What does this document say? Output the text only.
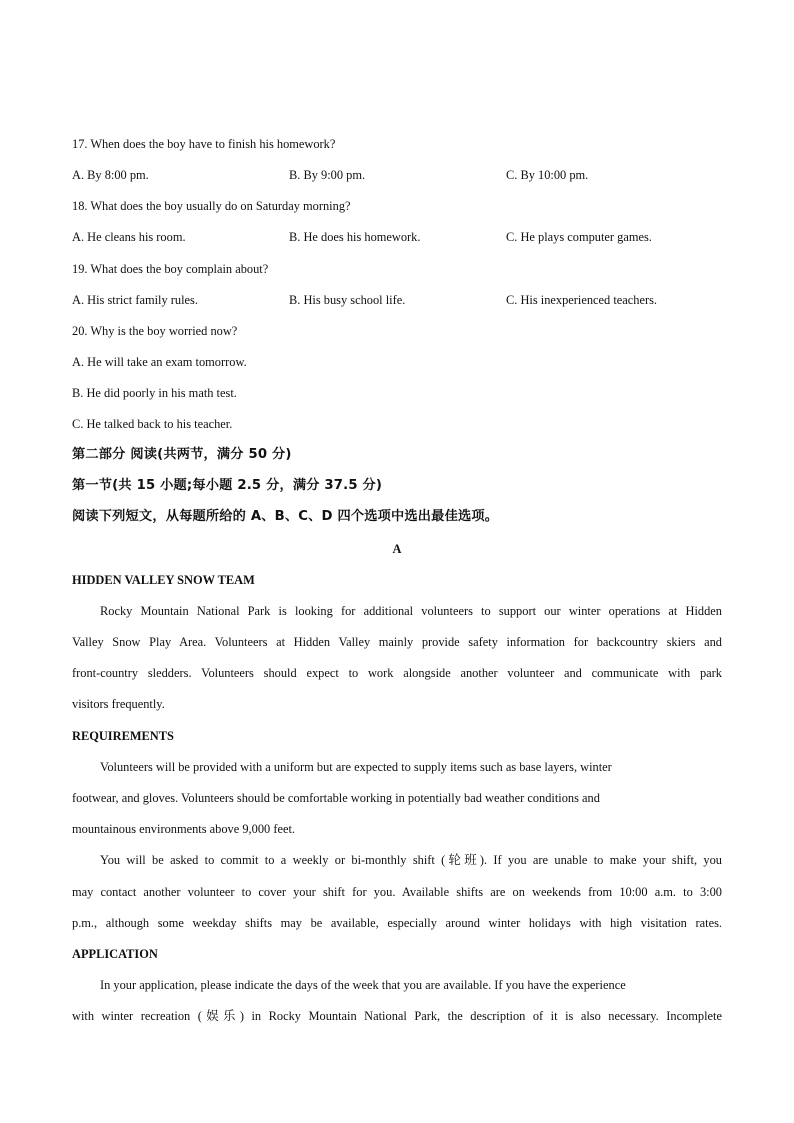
17. When does the boy have to finish his homework?
A. By 8:00 pm.	B. By 9:00 pm.	C. By 10:00 pm.
18. What does the boy usually do on Saturday morning?
A. He cleans his room.	B. He does his homework.	C. He plays computer games.
19. What does the boy complain about?
A. His strict family rules.	B. His busy school life.	C. His inexperienced teachers.
20. Why is the boy worried now?
A. He will take an exam tomorrow.
B. He did poorly in his math test.
C. He talked back to his teacher.
第二部分 阅读(共两节，满分 50 分)
第一节(共 15 小题;每小题 2.5 分，满分 37.5 分)
阅读下列短文，从每题所给的 A、B、C、D 四个选项中选出最佳选项。
A
HIDDEN VALLEY SNOW TEAM
Rocky Mountain National Park is looking for additional volunteers to support our winter operations at Hidden
Valley Snow Play Area. Volunteers at Hidden Valley mainly provide safety information for backcountry skiers and
front-country sledders. Volunteers should expect to work alongside another volunteer and communicate with park
visitors frequently.
REQUIREMENTS
Volunteers will be provided with a uniform but are expected to supply items such as base layers, winter
footwear, and gloves. Volunteers should be comfortable working in potentially bad weather conditions and
mountainous environments above 9,000 feet.
You will be asked to commit to a weekly or bi-monthly shift (轮班). If you are unable to make your shift, you
may contact another volunteer to cover your shift for you. Available shifts are on weekends from 10:00 a.m. to 3:00
p.m., although some weekday shifts may be available, especially around winter holidays with high visitation rates.
APPLICATION
In your application, please indicate the days of the week that you are available. If you have the experience
with winter recreation (娱乐) in Rocky Mountain National Park, the description of it is also necessary. Incomplete
